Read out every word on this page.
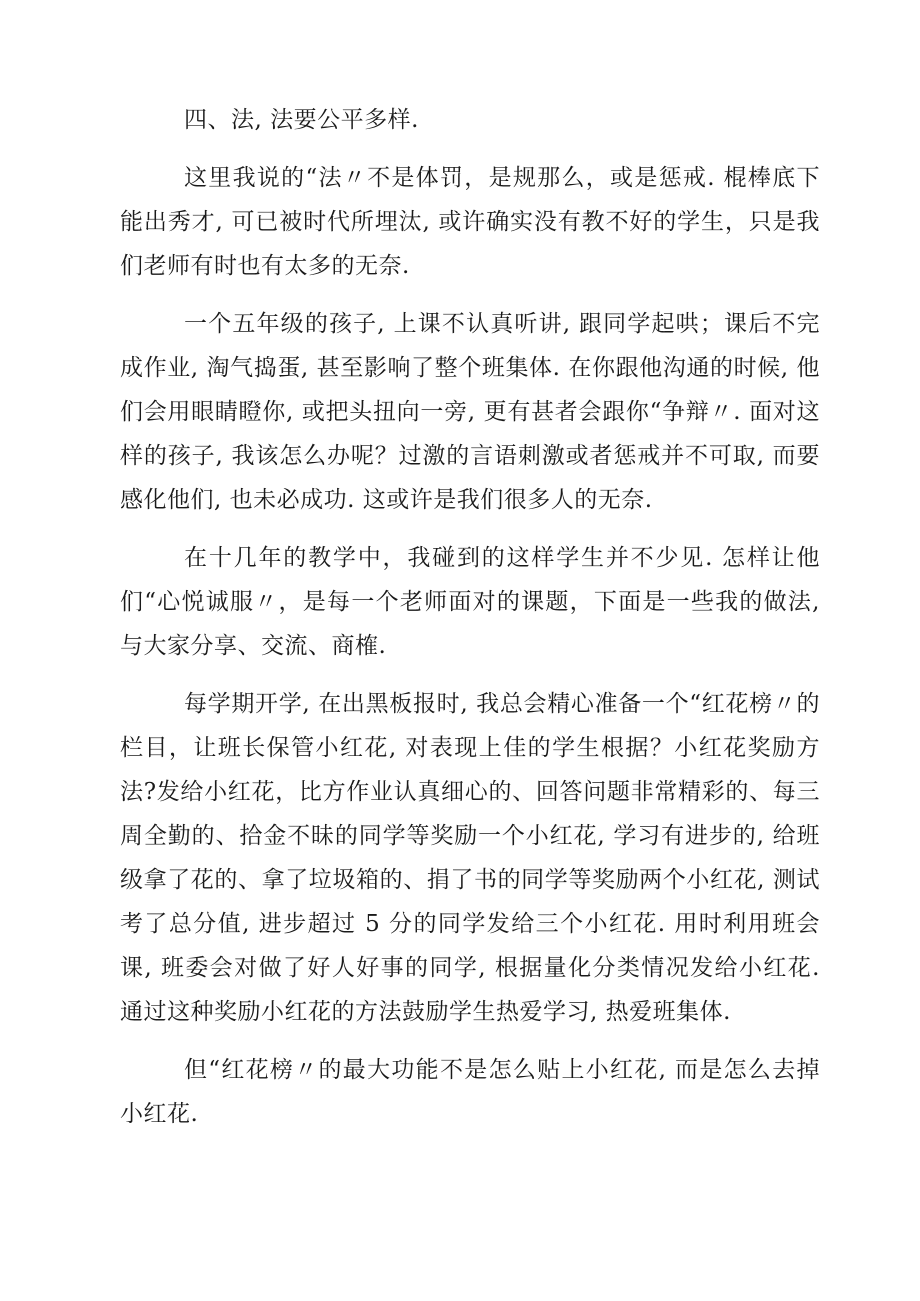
四、法, 法要公平多样.

这里我说的“法〃不是体罚，是规那么，或是惩戒. 棍棒底下能出秀才, 可已被时代所埋汰, 或许确实没有教不好的学生，只是我们老师有时也有太多的无奈.

一个五年级的孩子, 上课不认真听讲, 跟同学起哄；课后不完成作业, 淘气捣蛋, 甚至影响了整个班集体. 在你跟他沟通的时候, 他们会用眼睛瞪你, 或把头扭向一旁, 更有甚者会跟你“争辩〃. 面对这样的孩子, 我该怎么办呢？过激的言语刺激或者惩戒并不可取, 而要感化他们, 也未必成功. 这或许是我们很多人的无奈.

在十几年的教学中，我碰到的这样学生并不少见. 怎样让他们“心悦诚服〃，是每一个老师面对的课题，下面是一些我的做法, 与大家分享、交流、商榷.

每学期开学, 在出黑板报时, 我总会精心准备一个“红花榜〃的栏目，让班长保管小红花, 对表现上佳的学生根据？小红花奖励方法?发给小红花，比方作业认真细心的、回答问题非常精彩的、每三周全勤的、拾金不昧的同学等奖励一个小红花, 学习有进步的, 给班级拿了花的、拿了垃圾箱的、捐了书的同学等奖励两个小红花, 测试考了总分值, 进步超过 5 分的同学发给三个小红花. 用时利用班会课, 班委会对做了好人好事的同学, 根据量化分类情况发给小红花. 通过这种奖励小红花的方法鼓励学生热爱学习, 热爱班集体.

但“红花榜〃的最大功能不是怎么贴上小红花, 而是怎么去掉小红花.
